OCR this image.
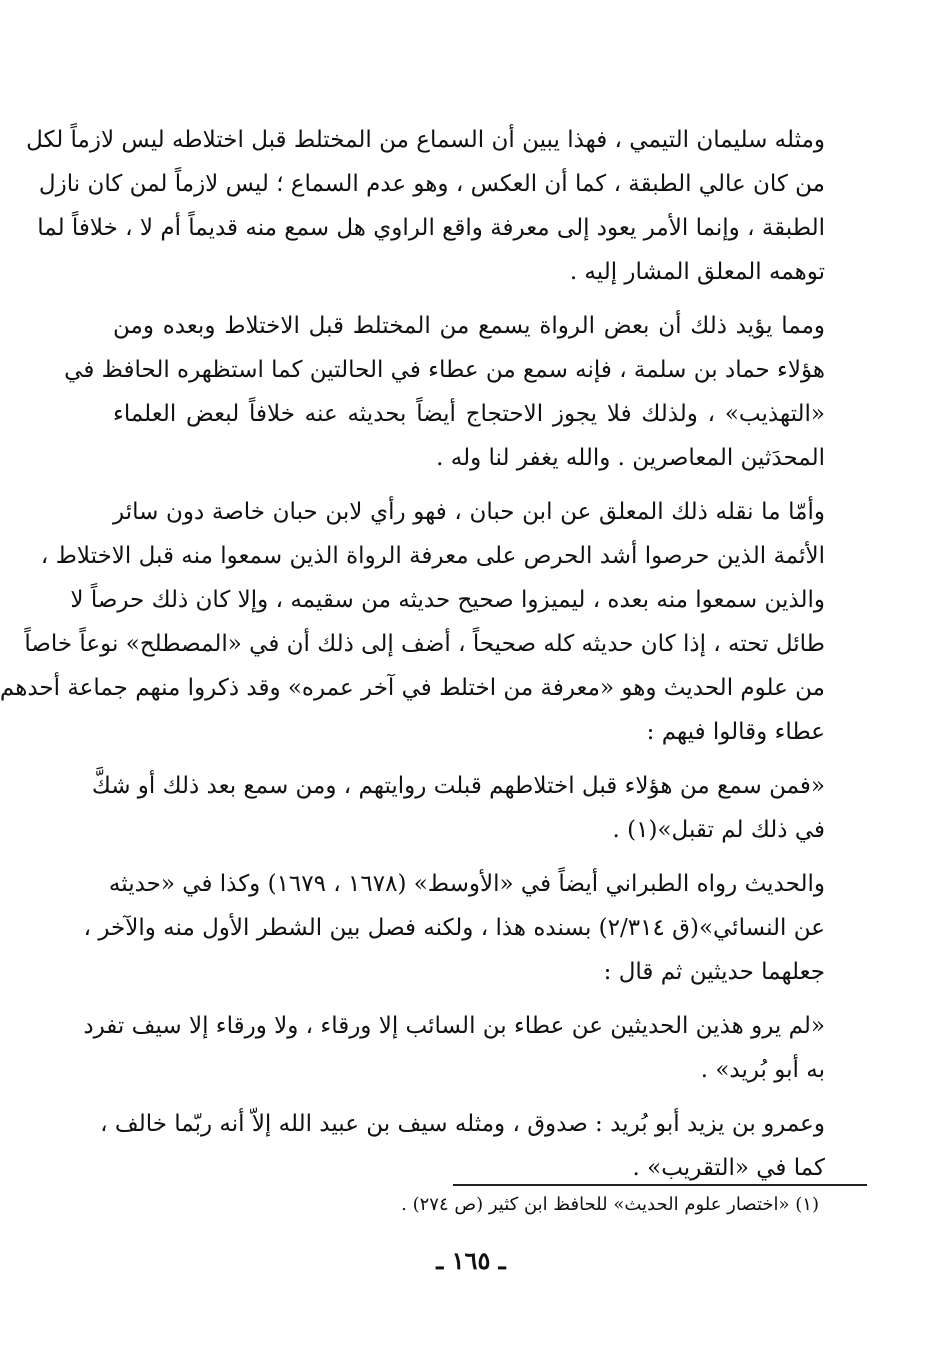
ومثله سليمان التيمي ، فهذا يبين أن السماع من المختلط قبل اختلاطه ليس لازماً لكل
من كان عالي الطبقة ، كما أن العكس ، وهو عدم السماع ؛ ليس لازماً لمن كان نازل
الطبقة ، وإنما الأمر يعود إلى معرفة واقع الراوي هل سمع منه قديماً أم لا ، خلافاً لما
توهمه المعلق المشار إليه .
ومما يؤيد ذلك أن بعض الرواة يسمع من المختلط قبل الاختلاط وبعده ومن
هؤلاء حماد بن سلمة ، فإنه سمع من عطاء في الحالتين كما استظهره الحافظ في
«التهذيب» ، ولذلك فلا يجوز الاحتجاج أيضاً بحديثه عنه خلافاً لبعض العلماء
المحدَثين المعاصرين . والله يغفر لنا وله .
وأمّا ما نقله ذلك المعلق عن ابن حبان ، فهو رأي لابن حبان خاصة دون سائر
الأئمة الذين حرصوا أشد الحرص على معرفة الرواة الذين سمعوا منه قبل الاختلاط ،
والذين سمعوا منه بعده ، ليميزوا صحيح حديثه من سقيمه ، وإلا كان ذلك حرصاً لا
طائل تحته ، إذا كان حديثه كله صحيحاً ، أضف إلى ذلك أن في «المصطلح» نوعاً خاصاً
من علوم الحديث وهو «معرفة من اختلط في آخر عمره» وقد ذكروا منهم جماعة أحدهم
عطاء وقالوا فيهم :
«فمن سمع من هؤلاء قبل اختلاطهم قبلت روايتهم ، ومن سمع بعد ذلك أو شكَّ
في ذلك لم تقبل»(١) .
والحديث رواه الطبراني أيضاً في «الأوسط» (١٦٧٨ ، ١٦٧٩) وكذا في «حديثه
عن النسائي»(ق ٢/٣١٤) بسنده هذا ، ولكنه فصل بين الشطر الأول منه والآخر ،
جعلهما حديثين ثم قال :
«لم يرو هذين الحديثين عن عطاء بن السائب إلا ورقاء ، ولا ورقاء إلا سيف تفرد
به أبو بُريد» .
وعمرو بن يزيد أبو بُريد : صدوق ، ومثله سيف بن عبيد الله إلاّ أنه ربّما خالف ،
كما في «التقريب» .
(١) «اختصار علوم الحديث» للحافظ ابن كثير (ص ٢٧٤) .
ـ ١٦٥ ـ
